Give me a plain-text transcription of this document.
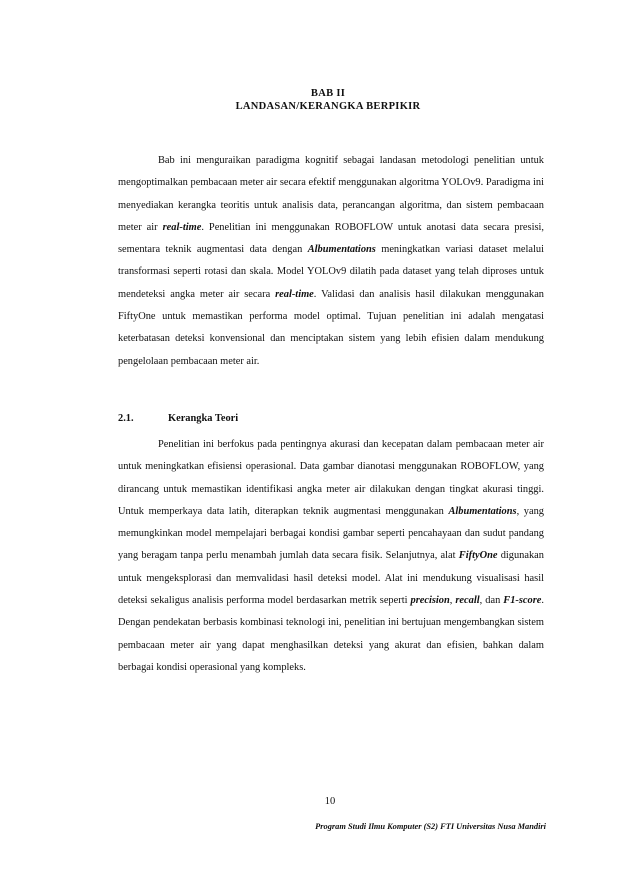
BAB II
LANDASAN/KERANGKA BERPIKIR

Bab ini menguraikan paradigma kognitif sebagai landasan metodologi penelitian untuk mengoptimalkan pembacaan meter air secara efektif menggunakan algoritma YOLOv9. Paradigma ini menyediakan kerangka teoritis untuk analisis data, perancangan algoritma, dan sistem pembacaan meter air real-time. Penelitian ini menggunakan ROBOFLOW untuk anotasi data secara presisi, sementara teknik augmentasi data dengan Albumentations meningkatkan variasi dataset melalui transformasi seperti rotasi dan skala. Model YOLOv9 dilatih pada dataset yang telah diproses untuk mendeteksi angka meter air secara real-time. Validasi dan analisis hasil dilakukan menggunakan FiftyOne untuk memastikan performa model optimal. Tujuan penelitian ini adalah mengatasi keterbatasan deteksi konvensional dan menciptakan sistem yang lebih efisien dalam mendukung pengelolaan pembacaan meter air.

2.1.	Kerangka Teori

Penelitian ini berfokus pada pentingnya akurasi dan kecepatan dalam pembacaan meter air untuk meningkatkan efisiensi operasional. Data gambar dianotasi menggunakan ROBOFLOW, yang dirancang untuk memastikan identifikasi angka meter air dilakukan dengan tingkat akurasi tinggi. Untuk memperkaya data latih, diterapkan teknik augmentasi menggunakan Albumentations, yang memungkinkan model mempelajari berbagai kondisi gambar seperti pencahayaan dan sudut pandang yang beragam tanpa perlu menambah jumlah data secara fisik. Selanjutnya, alat FiftyOne digunakan untuk mengeksplorasi dan memvalidasi hasil deteksi model. Alat ini mendukung visualisasi hasil deteksi sekaligus analisis performa model berdasarkan metrik seperti precision, recall, dan F1-score. Dengan pendekatan berbasis kombinasi teknologi ini, penelitian ini bertujuan mengembangkan sistem pembacaan meter air yang dapat menghasilkan deteksi yang akurat dan efisien, bahkan dalam berbagai kondisi operasional yang kompleks.

10
Program Studi Ilmu Komputer (S2) FTI Universitas Nusa Mandiri
